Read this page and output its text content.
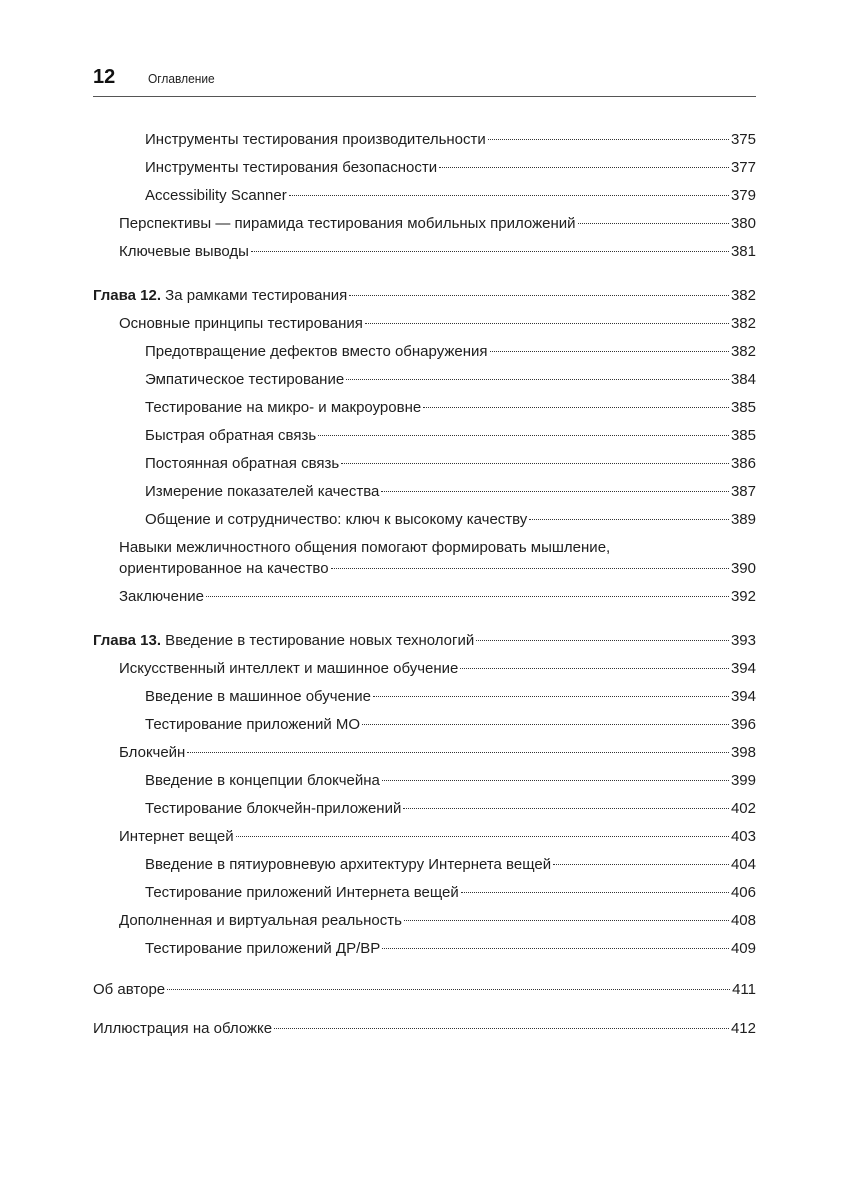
12	Оглавление
Инструменты тестирования производительности	375
Инструменты тестирования безопасности	377
Accessibility Scanner	379
Перспективы — пирамида тестирования мобильных приложений	380
Ключевые выводы	381
Глава 12. За рамками тестирования	382
Основные принципы тестирования	382
Предотвращение дефектов вместо обнаружения	382
Эмпатическое тестирование	384
Тестирование на микро- и макроуровне	385
Быстрая обратная связь	385
Постоянная обратная связь	386
Измерение показателей качества	387
Общение и сотрудничество: ключ к высокому качеству	389
Навыки межличностного общения помогают формировать мышление,
ориентированное на качество	390
Заключение	392
Глава 13. Введение в тестирование новых технологий	393
Искусственный интеллект и машинное обучение	394
Введение в машинное обучение	394
Тестирование приложений МО	396
Блокчейн	398
Введение в концепции блокчейна	399
Тестирование блокчейн-приложений	402
Интернет вещей	403
Введение в пятиуровневую архитектуру Интернета вещей	404
Тестирование приложений Интернета вещей	406
Дополненная и виртуальная реальность	408
Тестирование приложений ДР/ВР	409
Об авторе	411
Иллюстрация на обложке	412
